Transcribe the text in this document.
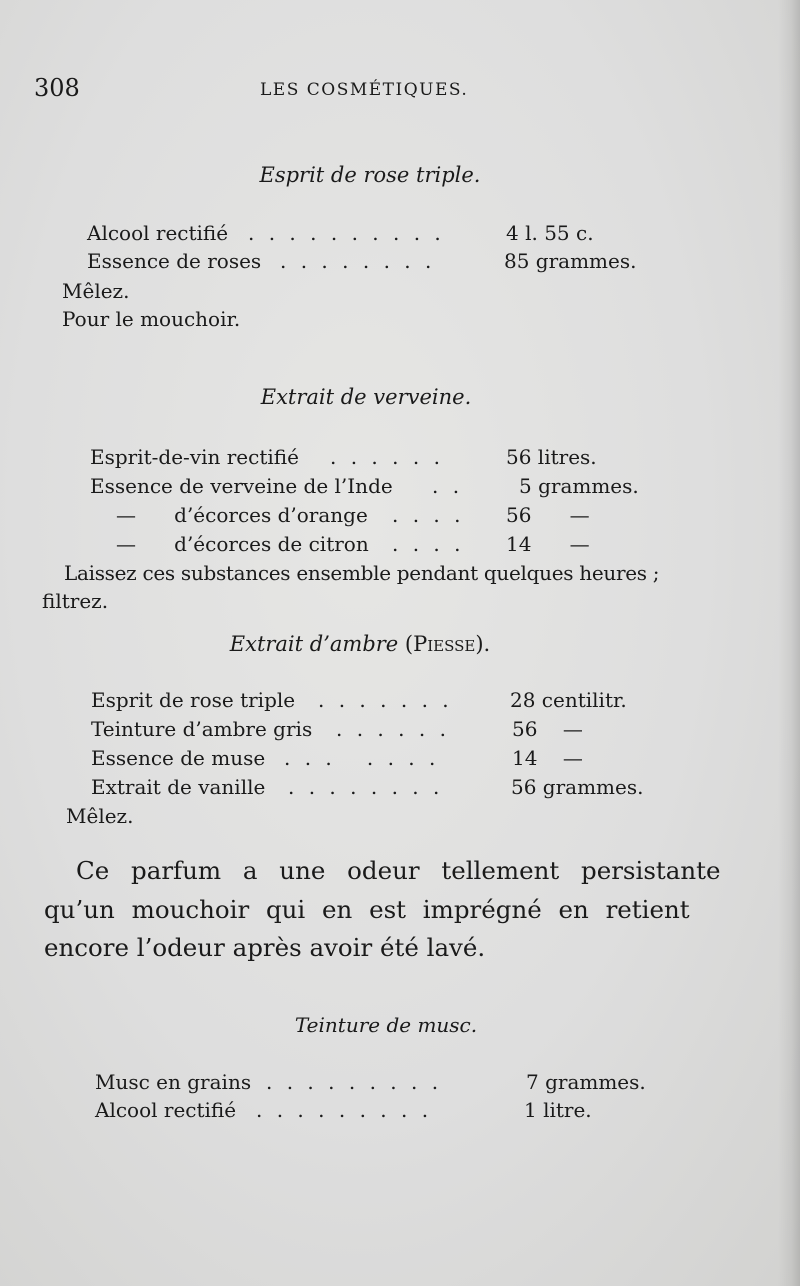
308	LES COSMÉTIQUES.
Esprit de rose triple.
Alcool rectifié . . . . . . . . . .	4 l. 55 c.
Essence de roses . . . . . . . .	85 grammes.
Mêlez.
Pour le mouchoir.
Extrait de verveine.
Esprit-de-vin rectifié . . . . . .	56 litres.
Essence de verveine de l’Inde . .	5 grammes.
—      d’écorces d’orange . . . . 56      —
—      d’écorces de citron . . . . 14      —
Laissez ces substances ensemble pendant quelques heures ;
filtrez.
Extrait d’ambre (Piesse).
Esprit de rose triple . . . . . . .	28 centilitr.
Teinture d’ambre gris . . . . . .	56    —
Essence de muse . . .   . . . .	14    —
Extrait de vanille . . . . . . . .	56 grammes.
Mêlez.
Ce parfum a une odeur tellement persistante
qu’un mouchoir qui en est imprégné en retient
encore l’odeur après avoir été lavé.
Teinture de musc.
Musc en grains . . . . . . . . .	7 grammes.
Alcool rectifié . . . . . . . . .	1 litre.
